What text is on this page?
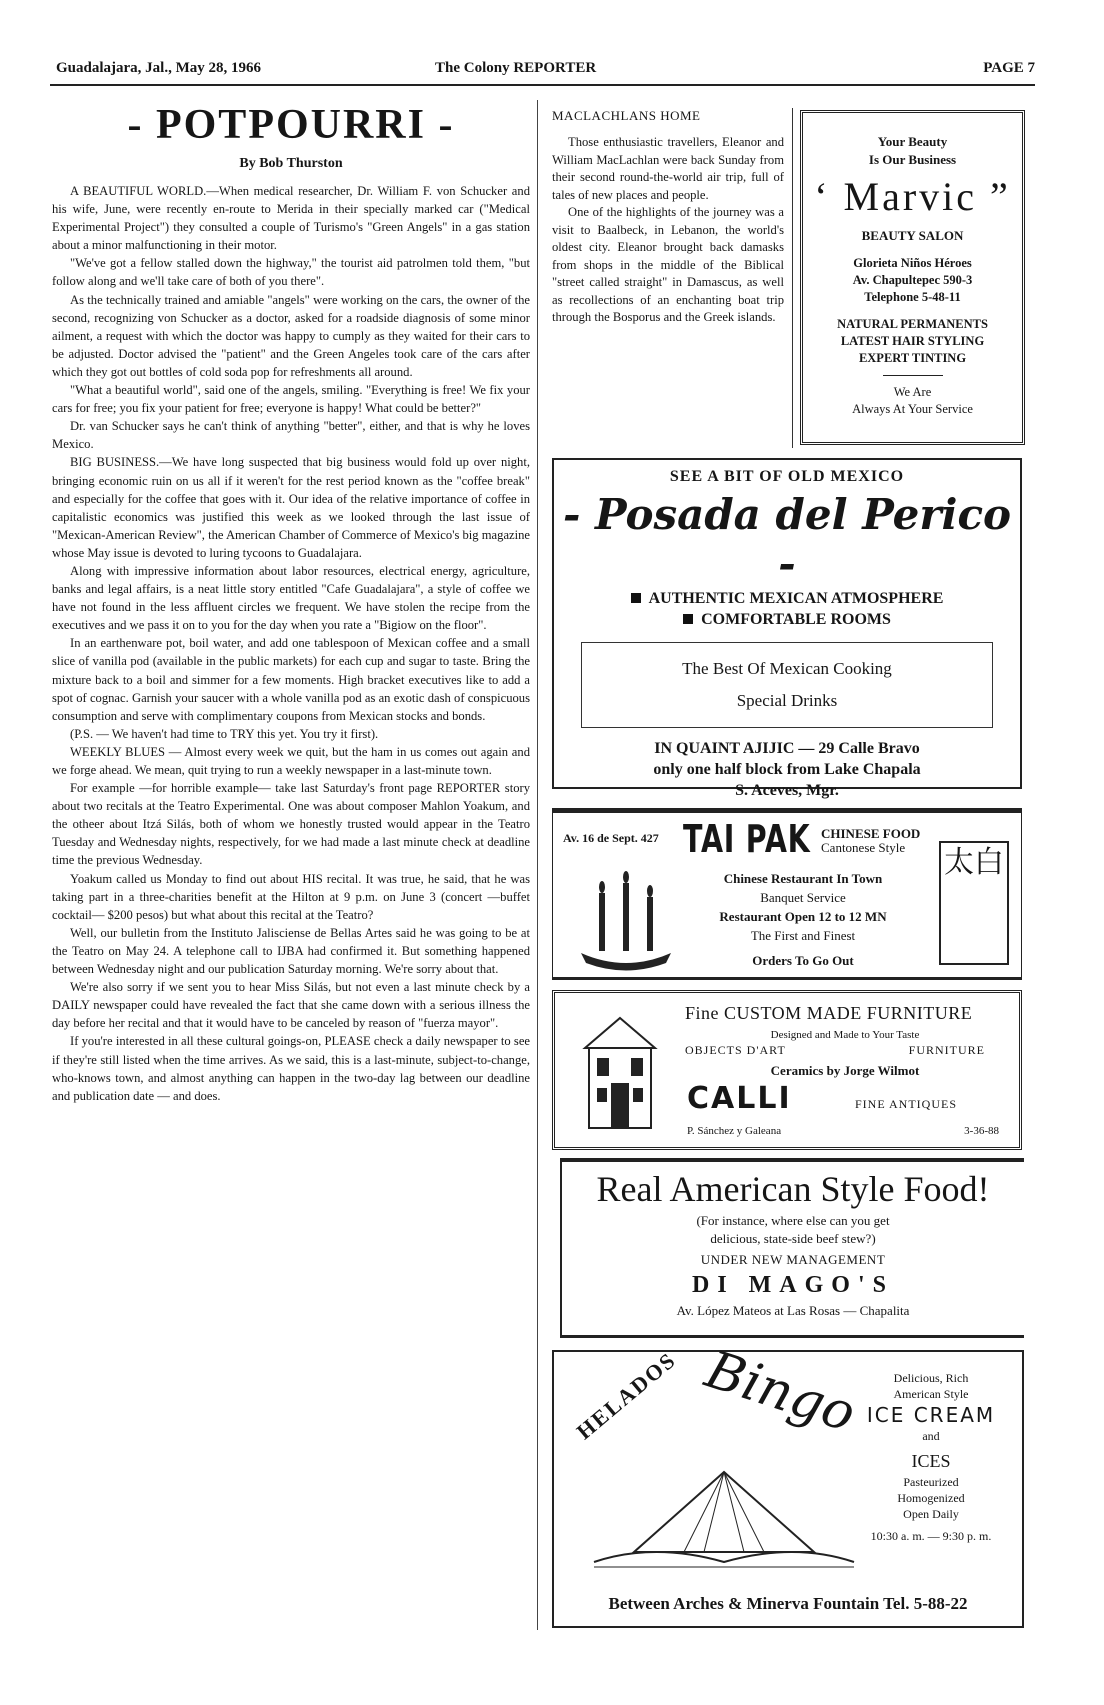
Guadalajara, Jal., May 28, 1966	The Colony REPORTER	PAGE 7
- POTPOURRI -
By Bob Thurston

A BEAUTIFUL WORLD.—When medical researcher, Dr. William F. von Schucker and his wife, June, were recently en-route to Merida in their specially marked car ("Medical Experimental Project") they consulted a couple of Turismo's "Green Angels" in a gas station about a minor malfunctioning in their motor.

"We've got a fellow stalled down the highway," the tourist aid patrolmen told them, "but follow along and we'll take care of both of you there".

As the technically trained and amiable "angels" were working on the cars, the owner of the second, recognizing von Schucker as a doctor, asked for a roadside diagnosis of some minor ailment, a request with which the doctor was happy to cumply as they waited for their cars to be adjusted. Doctor advised the "patient" and the Green Angeles took care of the cars after which they got out bottles of cold soda pop for refreshments all around.

"What a beautiful world", said one of the angels, smiling. "Everything is free! We fix your cars for free; you fix your patient for free; everyone is happy! What could be better?"

Dr. van Schucker says he can't think of anything "better", either, and that is why he loves Mexico.

BIG BUSINESS.—We have long suspected that big business would fold up over night, bringing economic ruin on us all if it weren't for the rest period known as the "coffee break" and especially for the coffee that goes with it. Our idea of the relative importance of coffee in capitalistic economics was justified this week as we looked through the last issue of "Mexican-American Review", the American Chamber of Commerce of Mexico's big magazine whose May issue is devoted to luring tycoons to Guadalajara.

Along with impressive information about labor resources, electrical energy, agriculture, banks and legal affairs, is a neat little story entitled "Cafe Guadalajara", a style of coffee we have not found in the less affluent circles we frequent. We have stolen the recipe from the executives and we pass it on to you for the day when you rate a "Bigiow on the floor".

In an earthenware pot, boil water, and add one tablespoon of Mexican coffee and a small slice of vanilla pod (available in the public markets) for each cup and sugar to taste. Bring the mixture back to a boil and simmer for a few moments. High bracket executives like to add a spot of cognac. Garnish your saucer with a whole vanilla pod as an exotic dash of conspicuous consumption and serve with complimentary coupons from Mexican stocks and bonds.

(P.S. — We haven't had time to TRY this yet. You try it first).

WEEKLY BLUES — Almost every week we quit, but the ham in us comes out again and we forge ahead. We mean, quit trying to run a weekly newspaper in a last-minute town.

For example —for horrible example— take last Saturday's front page REPORTER story about two recitals at the Teatro Experimental. One was about composer Mahlon Yoakum, and the otheer about Itzá Silás, both of whom we honestly trusted would appear in the Teatro Tuesday and Wednesday nights, respectively, for we had made a last minute check at deadline time the previous Wednesday.

Yoakum called us Monday to find out about HIS recital. It was true, he said, that he was taking part in a three-charities benefit at the Hilton at 9 p.m. on June 3 (concert —buffet cocktail— $200 pesos) but what about this recital at the Teatro?

Well, our bulletin from the Instituto Jalisciense de Bellas Artes said he was going to be at the Teatro on May 24. A telephone call to IJBA had confirmed it. But something happened between Wednesday night and our publication Saturday morning. We're sorry about that.

We're also sorry if we sent you to hear Miss Silás, but not even a last minute check by a DAILY newspaper could have revealed the fact that she came down with a serious illness the day before her recital and that it would have to be canceled by reason of "fuerza mayor".

If you're interested in all these cultural goings-on, PLEASE check a daily newspaper to see if they're still listed when the time arrives. As we said, this is a last-minute, subject-to-change, who-knows town, and almost anything can happen in the two-day lag between our deadline and publication date — and does.

MACLACHLANS HOME

Those enthusiastic travellers, Eleanor and William MacLachlan were back Sunday from their second round-the-world air trip, full of tales of new places and people.

One of the highlights of the journey was a visit to Baalbeck, in Lebanon, the world's oldest city. Eleanor brought back damasks from shops in the middle of the Biblical "street called straight" in Damascus, as well as recollections of an enchanting boat trip through the Bosporus and the Greek islands.

Your Beauty
Is Our Business
‘ Marvic ”
BEAUTY SALON
Glorieta Niños Héroes
Av. Chapultepec 590-3
Telephone 5-48-11
NATURAL PERMANENTS
LATEST HAIR STYLING
EXPERT TINTING
We Are
Always At Your Service
SEE A BIT OF OLD MEXICO
- Posada del Perico -
AUTHENTIC MEXICAN ATMOSPHERE
COMFORTABLE ROOMS
The Best Of Mexican Cooking
Special Drinks
IN QUAINT AJIJIC — 29 Calle Bravo
only one half block from Lake Chapala
S. Aceves, Mgr.
Av. 16 de Sept. 427 TAI PAK CHINESE FOOD
Cantonese Style
Chinese Restaurant In Town
Banquet Service
Restaurant Open 12 to 12 MN
The First and Finest
Orders To Go Out
太白
Fine CUSTOM MADE FURNITURE
Designed and Made to Your Taste
OBJECTS D'ART	FURNITURE
Ceramics by Jorge Wilmot
CALLI	FINE ANTIQUES
P. Sánchez y Galeana	3-36-88
Real American Style Food!
(For instance, where else can you get
delicious, state-side beef stew?)
UNDER NEW MANAGEMENT
DI MAGO'S
Av. López Mateos at Las Rosas — Chapalita
HELADOS Bingo	Delicious, Rich
American Style
ICE CREAM
and
ICES
Pasteurized
Homogenized
Open Daily
10:30 a. m. — 9:30 p. m.
Between Arches & Minerva Fountain Tel. 5-88-22
